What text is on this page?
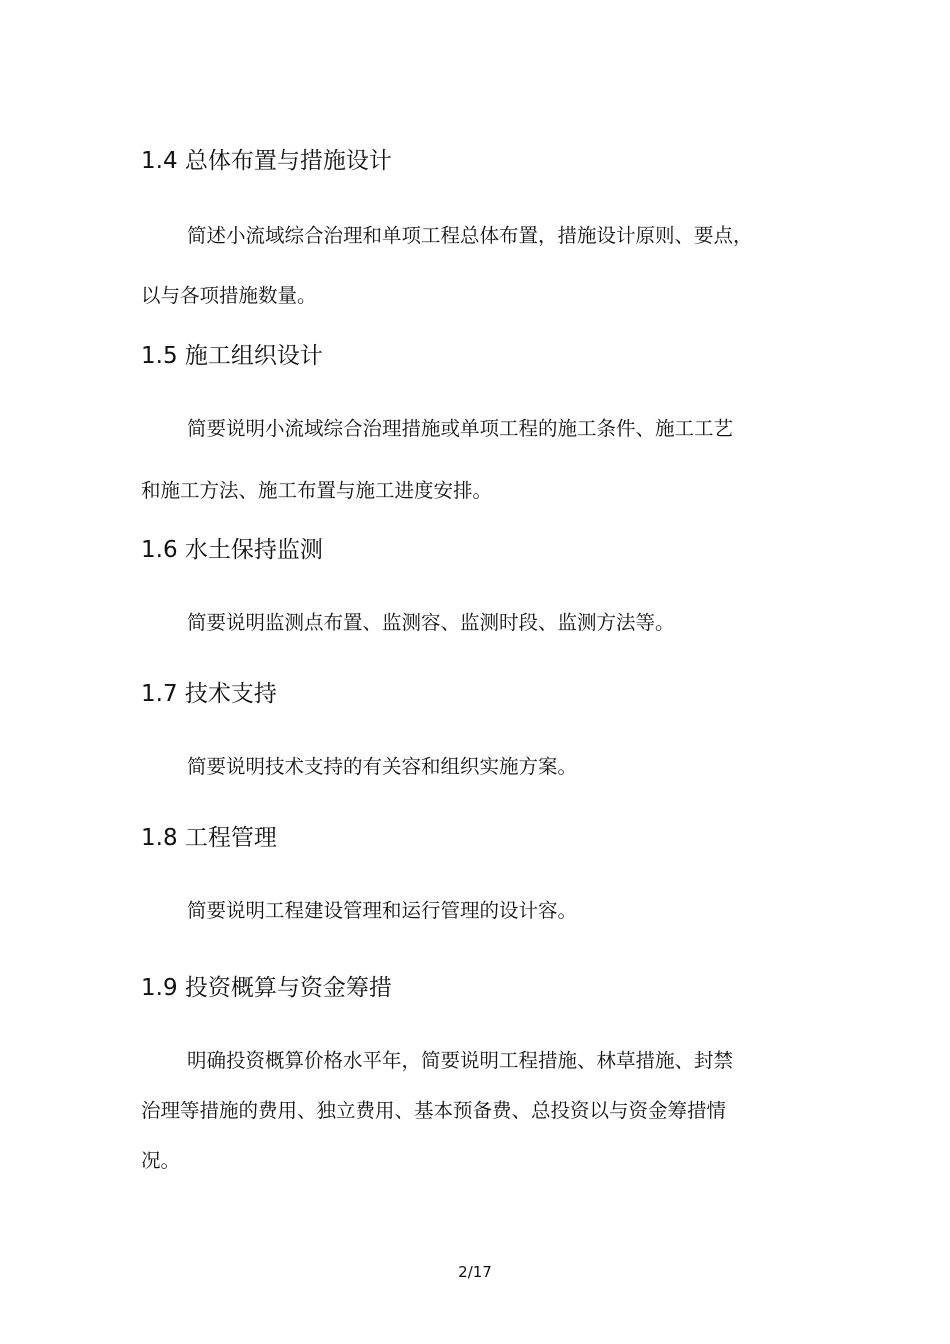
1.4 总体布置与措施设计
简述小流域综合治理和单项工程总体布置，措施设计原则、要点，
以与各项措施数量。
1.5 施工组织设计
简要说明小流域综合治理措施或单项工程的施工条件、施工工艺
和施工方法、施工布置与施工进度安排。
1.6 水土保持监测
简要说明监测点布置、监测容、监测时段、监测方法等。
1.7 技术支持
简要说明技术支持的有关容和组织实施方案。
1.8 工程管理
简要说明工程建设管理和运行管理的设计容。
1.9 投资概算与资金筹措
明确投资概算价格水平年，简要说明工程措施、林草措施、封禁
治理等措施的费用、独立费用、基本预备费、总投资以与资金筹措情
况。
2/17
